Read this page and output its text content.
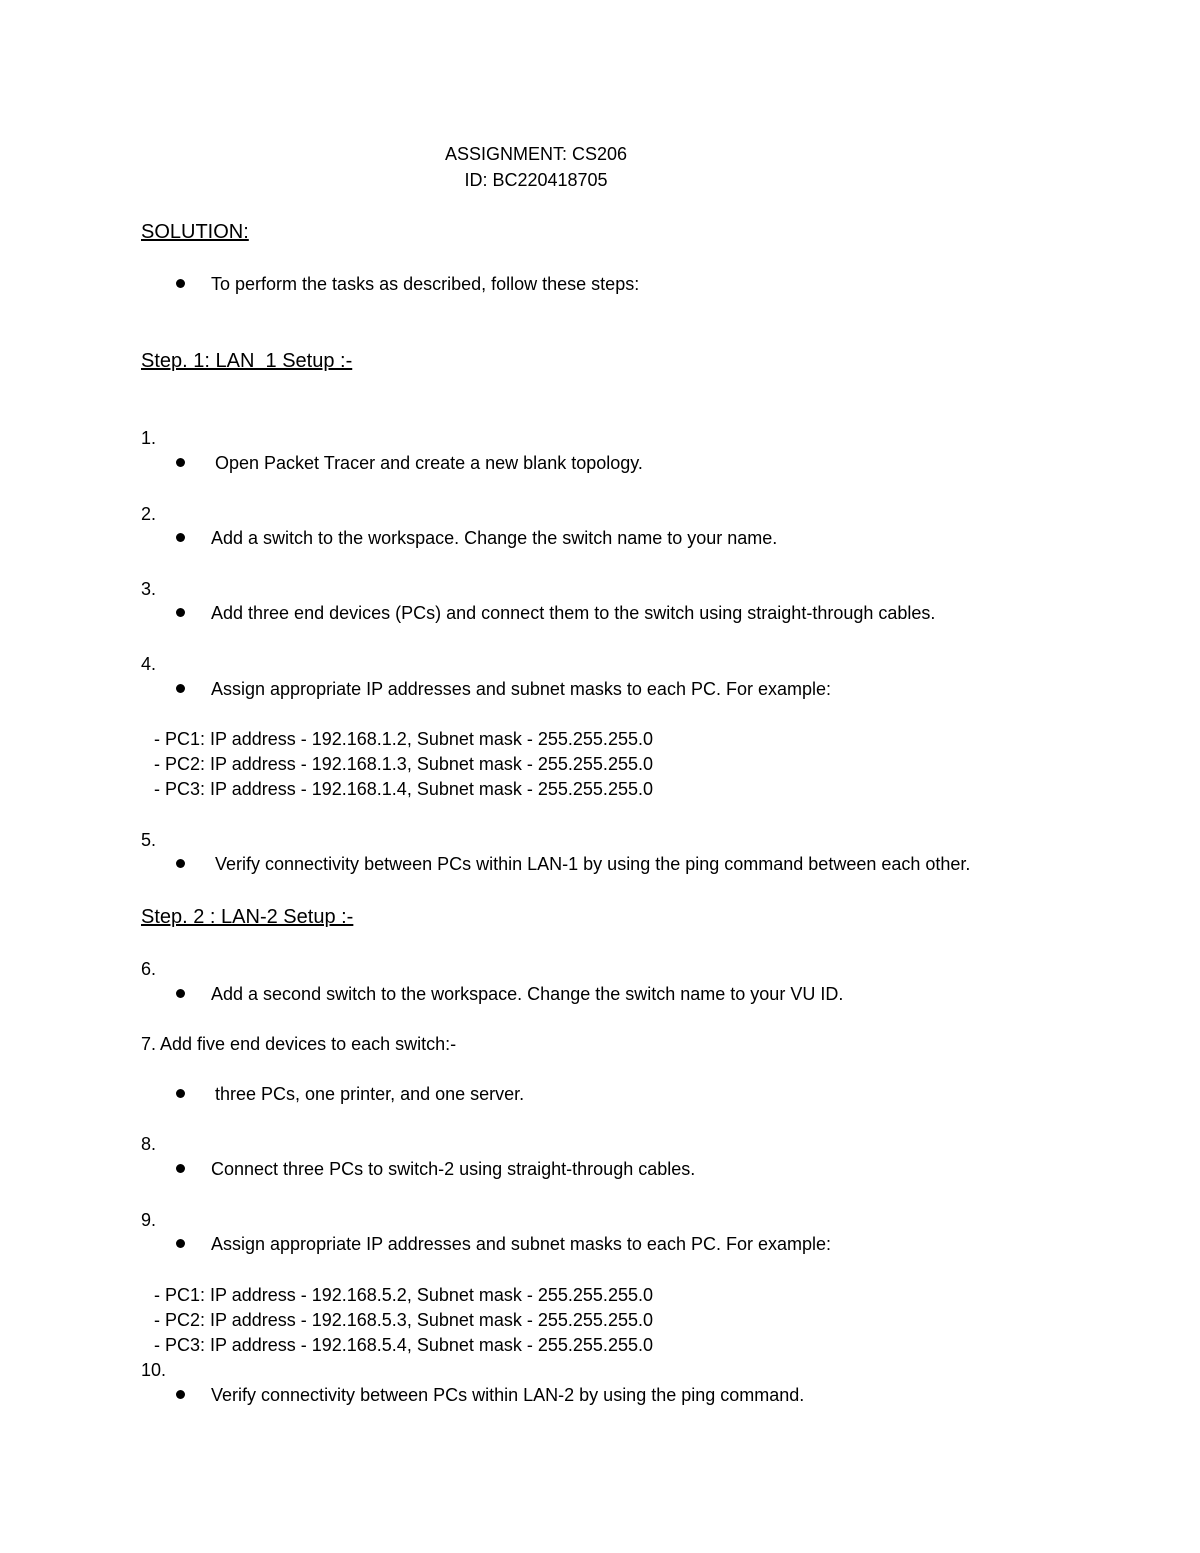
ASSIGNMENT: CS206

ID: BC220418705

SOLUTION:

To perform the tasks as described, follow these steps:

Step. 1: LAN  1 Setup :-

1.

Open Packet Tracer and create a new blank topology.

2.

Add a switch to the workspace. Change the switch name to your name.

3.

Add three end devices (PCs) and connect them to the switch using straight-through cables.

4.

Assign appropriate IP addresses and subnet masks to each PC. For example:

- PC1: IP address - 192.168.1.2, Subnet mask - 255.255.255.0

- PC2: IP address - 192.168.1.3, Subnet mask - 255.255.255.0

- PC3: IP address - 192.168.1.4, Subnet mask - 255.255.255.0

5.

Verify connectivity between PCs within LAN-1 by using the ping command between each other.

Step. 2 : LAN-2 Setup :-

6.

Add a second switch to the workspace. Change the switch name to your VU ID.

7. Add five end devices to each switch:-

three PCs, one printer, and one server.

8.

Connect three PCs to switch-2 using straight-through cables.

9.

Assign appropriate IP addresses and subnet masks to each PC. For example:

- PC1: IP address - 192.168.5.2, Subnet mask - 255.255.255.0

- PC2: IP address - 192.168.5.3, Subnet mask - 255.255.255.0

- PC3: IP address - 192.168.5.4, Subnet mask - 255.255.255.0

10.

Verify connectivity between PCs within LAN-2 by using the ping command.
